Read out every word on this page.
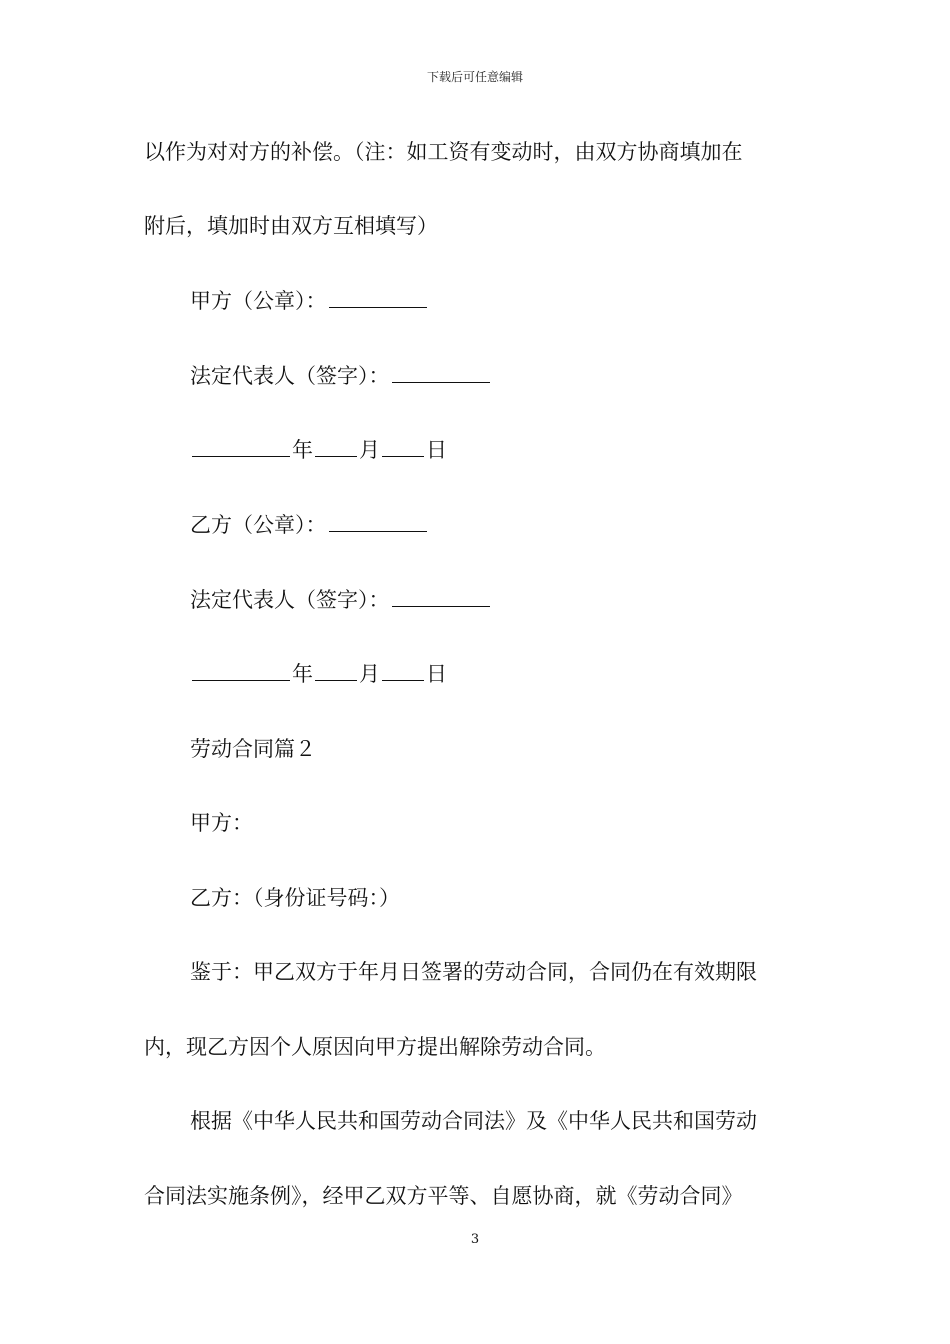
下载后可任意编辑
以作为对对方的补偿。（注：如工资有变动时，由双方协商填加在
附后，填加时由双方互相填写）
甲方（公章）：
法定代表人（签字）：
年 月 日
乙方（公章）：
法定代表人（签字）：
年 月 日
劳动合同篇２
甲方：
乙方：（身份证号码：）
鉴于：甲乙双方于年月日签署的劳动合同，合同仍在有效期限
内，现乙方因个人原因向甲方提出解除劳动合同。
根据《中华人民共和国劳动合同法》及《中华人民共和国劳动
合同法实施条例》，经甲乙双方平等、自愿协商，就《劳动合同》
3
